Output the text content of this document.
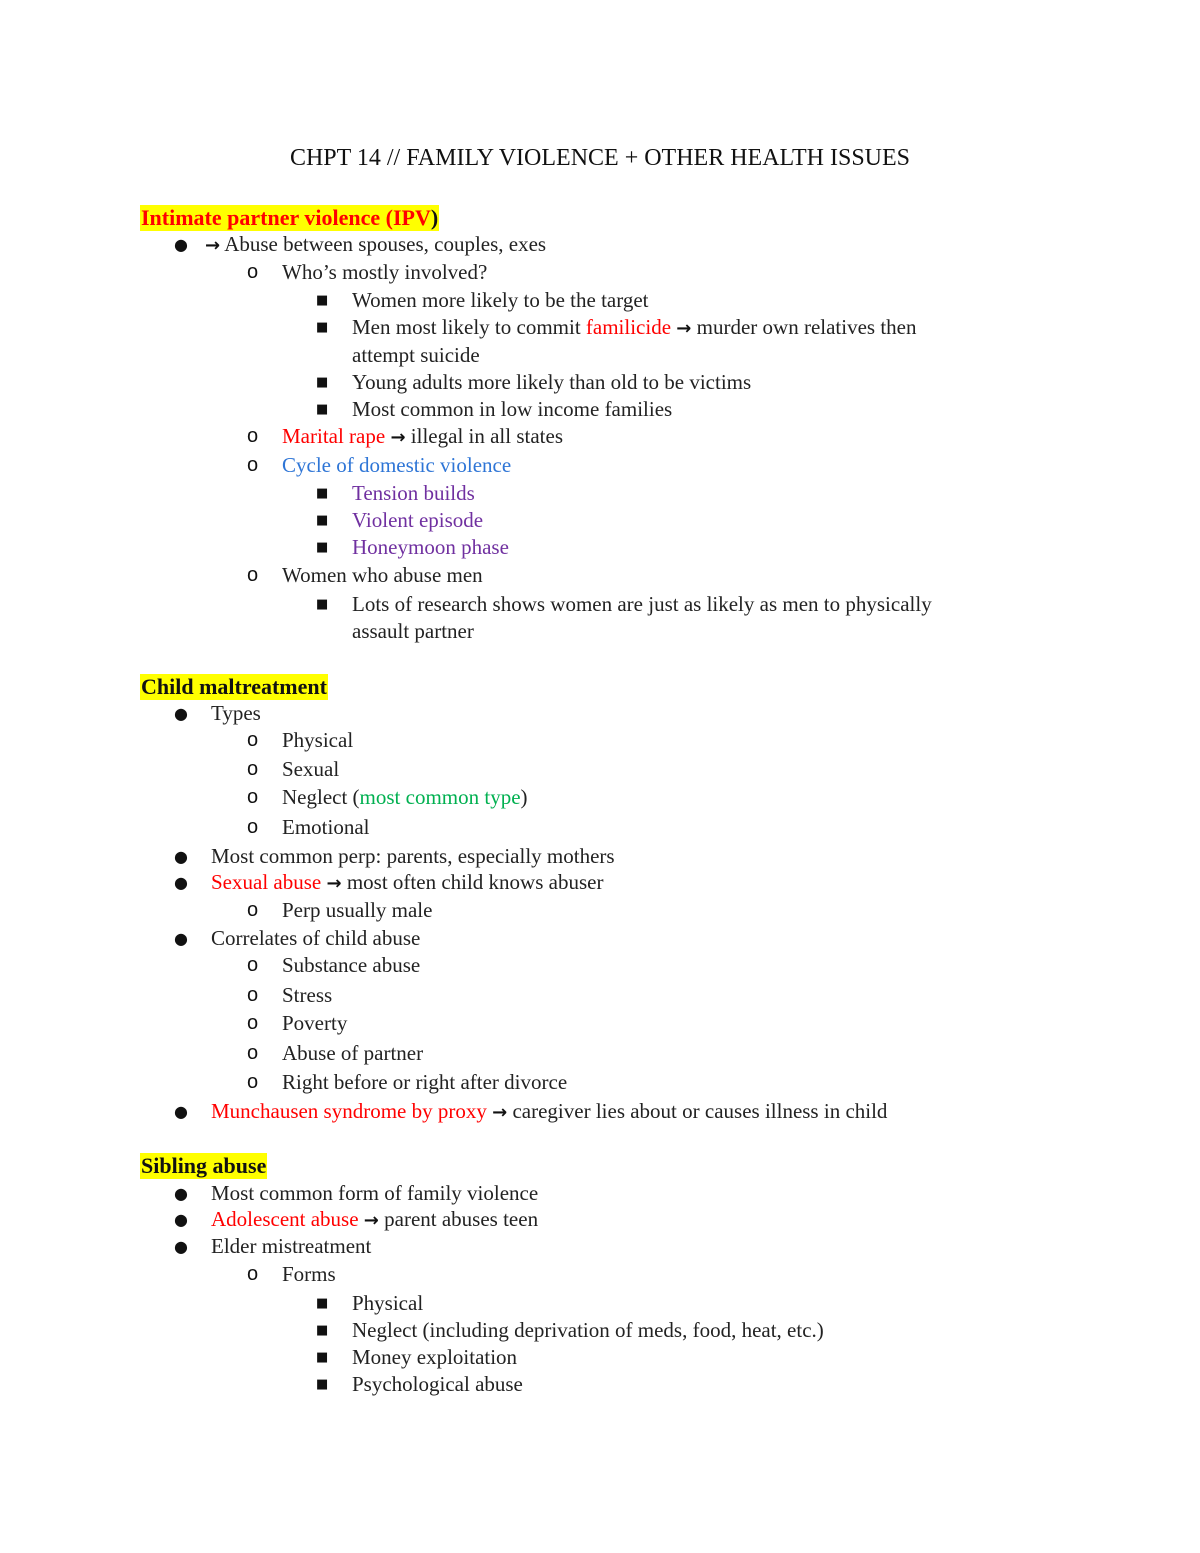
CHPT 14 // FAMILY VIOLENCE + OTHER HEALTH ISSUES
Intimate partner violence (IPV)
● → Abuse between spouses, couples, exes
o Who’s mostly involved?
■ Women more likely to be the target
■ Men most likely to commit familicide → murder own relatives then
attempt suicide
■ Young adults more likely than old to be victims
■ Most common in low income families
o Marital rape → illegal in all states
o Cycle of domestic violence
■ Tension builds
■ Violent episode
■ Honeymoon phase
o Women who abuse men
■ Lots of research shows women are just as likely as men to physically
assault partner
Child maltreatment
● Types
o Physical
o Sexual
o Neglect (most common type)
o Emotional
● Most common perp: parents, especially mothers
● Sexual abuse → most often child knows abuser
o Perp usually male
● Correlates of child abuse
o Substance abuse
o Stress
o Poverty
o Abuse of partner
o Right before or right after divorce
● Munchausen syndrome by proxy → caregiver lies about or causes illness in child
Sibling abuse
● Most common form of family violence
● Adolescent abuse → parent abuses teen
● Elder mistreatment
o Forms
■ Physical
■ Neglect (including deprivation of meds, food, heat, etc.)
■ Money exploitation
■ Psychological abuse
